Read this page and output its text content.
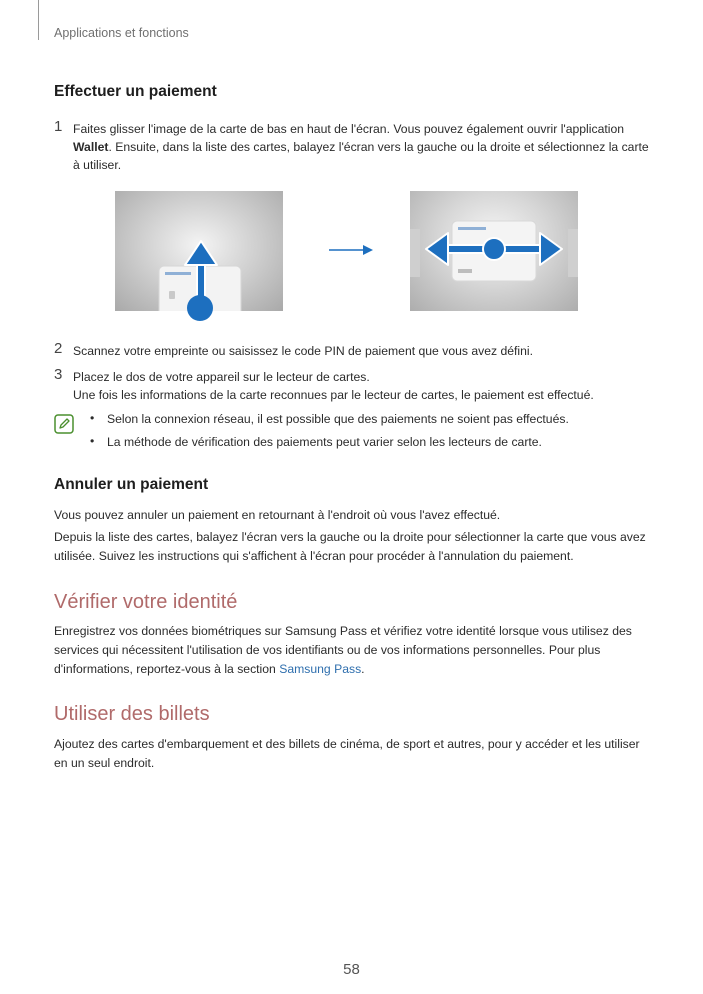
Applications et fonctions
Effectuer un paiement
1 Faites glisser l'image de la carte de bas en haut de l'écran. Vous pouvez également ouvrir l'application Wallet. Ensuite, dans la liste des cartes, balayez l'écran vers la gauche ou la droite et sélectionnez la carte à utiliser.
2 Scannez votre empreinte ou saisissez le code PIN de paiement que vous avez défini.
3 Placez le dos de votre appareil sur le lecteur de cartes.
Une fois les informations de la carte reconnues par le lecteur de cartes, le paiement est effectué.
• Selon la connexion réseau, il est possible que des paiements ne soient pas effectués.
• La méthode de vérification des paiements peut varier selon les lecteurs de carte.
Annuler un paiement
Vous pouvez annuler un paiement en retournant à l'endroit où vous l'avez effectué.
Depuis la liste des cartes, balayez l'écran vers la gauche ou la droite pour sélectionner la carte que vous avez utilisée. Suivez les instructions qui s'affichent à l'écran pour procéder à l'annulation du paiement.
Vérifier votre identité
Enregistrez vos données biométriques sur Samsung Pass et vérifiez votre identité lorsque vous utilisez des services qui nécessitent l'utilisation de vos identifiants ou de vos informations personnelles. Pour plus d'informations, reportez-vous à la section Samsung Pass.
Utiliser des billets
Ajoutez des cartes d'embarquement et des billets de cinéma, de sport et autres, pour y accéder et les utiliser en un seul endroit.
58
